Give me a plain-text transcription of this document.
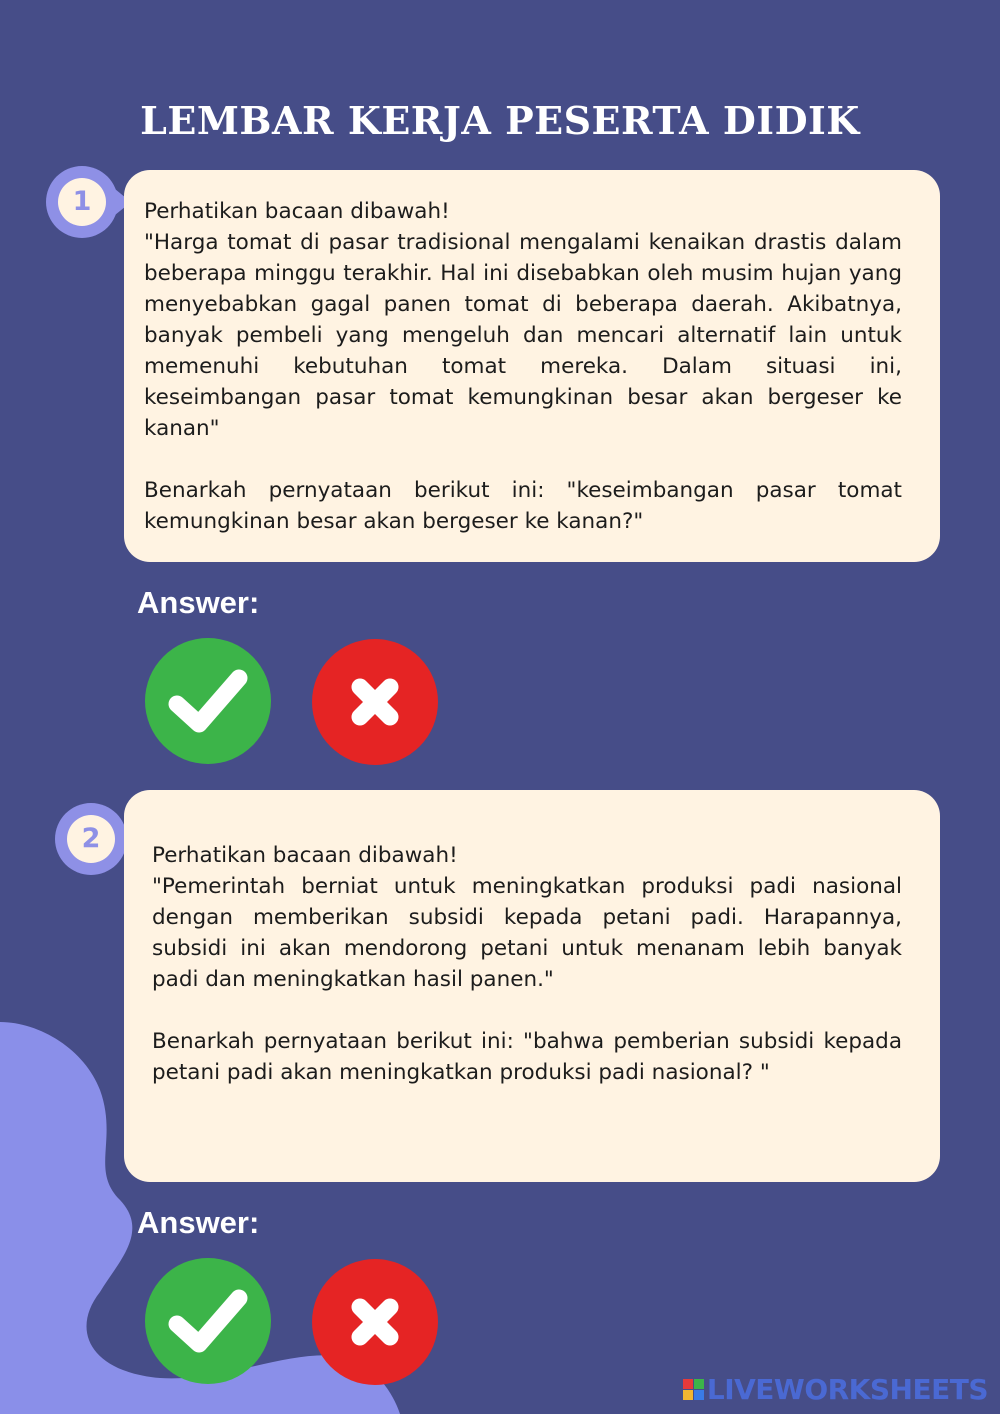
LEMBAR KERJA PESERTA DIDIK
1	Perhatikan bacaan dibawah!

"Harga tomat di pasar tradisional mengalami kenaikan drastis dalam beberapa minggu terakhir. Hal ini disebabkan oleh musim hujan yang menyebabkan gagal panen tomat di beberapa daerah. Akibatnya, banyak pembeli yang mengeluh dan mencari alternatif lain untuk memenuhi kebutuhan tomat mereka. Dalam situasi ini, keseimbangan pasar tomat kemungkinan besar akan bergeser ke kanan"

Benarkah pernyataan berikut ini: "keseimbangan pasar tomat kemungkinan besar akan bergeser ke kanan?"

Answer:
2

Perhatikan bacaan dibawah!

"Pemerintah berniat untuk meningkatkan produksi padi nasional dengan memberikan subsidi kepada petani padi. Harapannya, subsidi ini akan mendorong petani untuk menanam lebih banyak padi dan meningkatkan hasil panen."

Benarkah pernyataan berikut ini: "bahwa pemberian subsidi kepada petani padi akan meningkatkan produksi padi nasional? "

Answer:
LIVEWORKSHEETS
